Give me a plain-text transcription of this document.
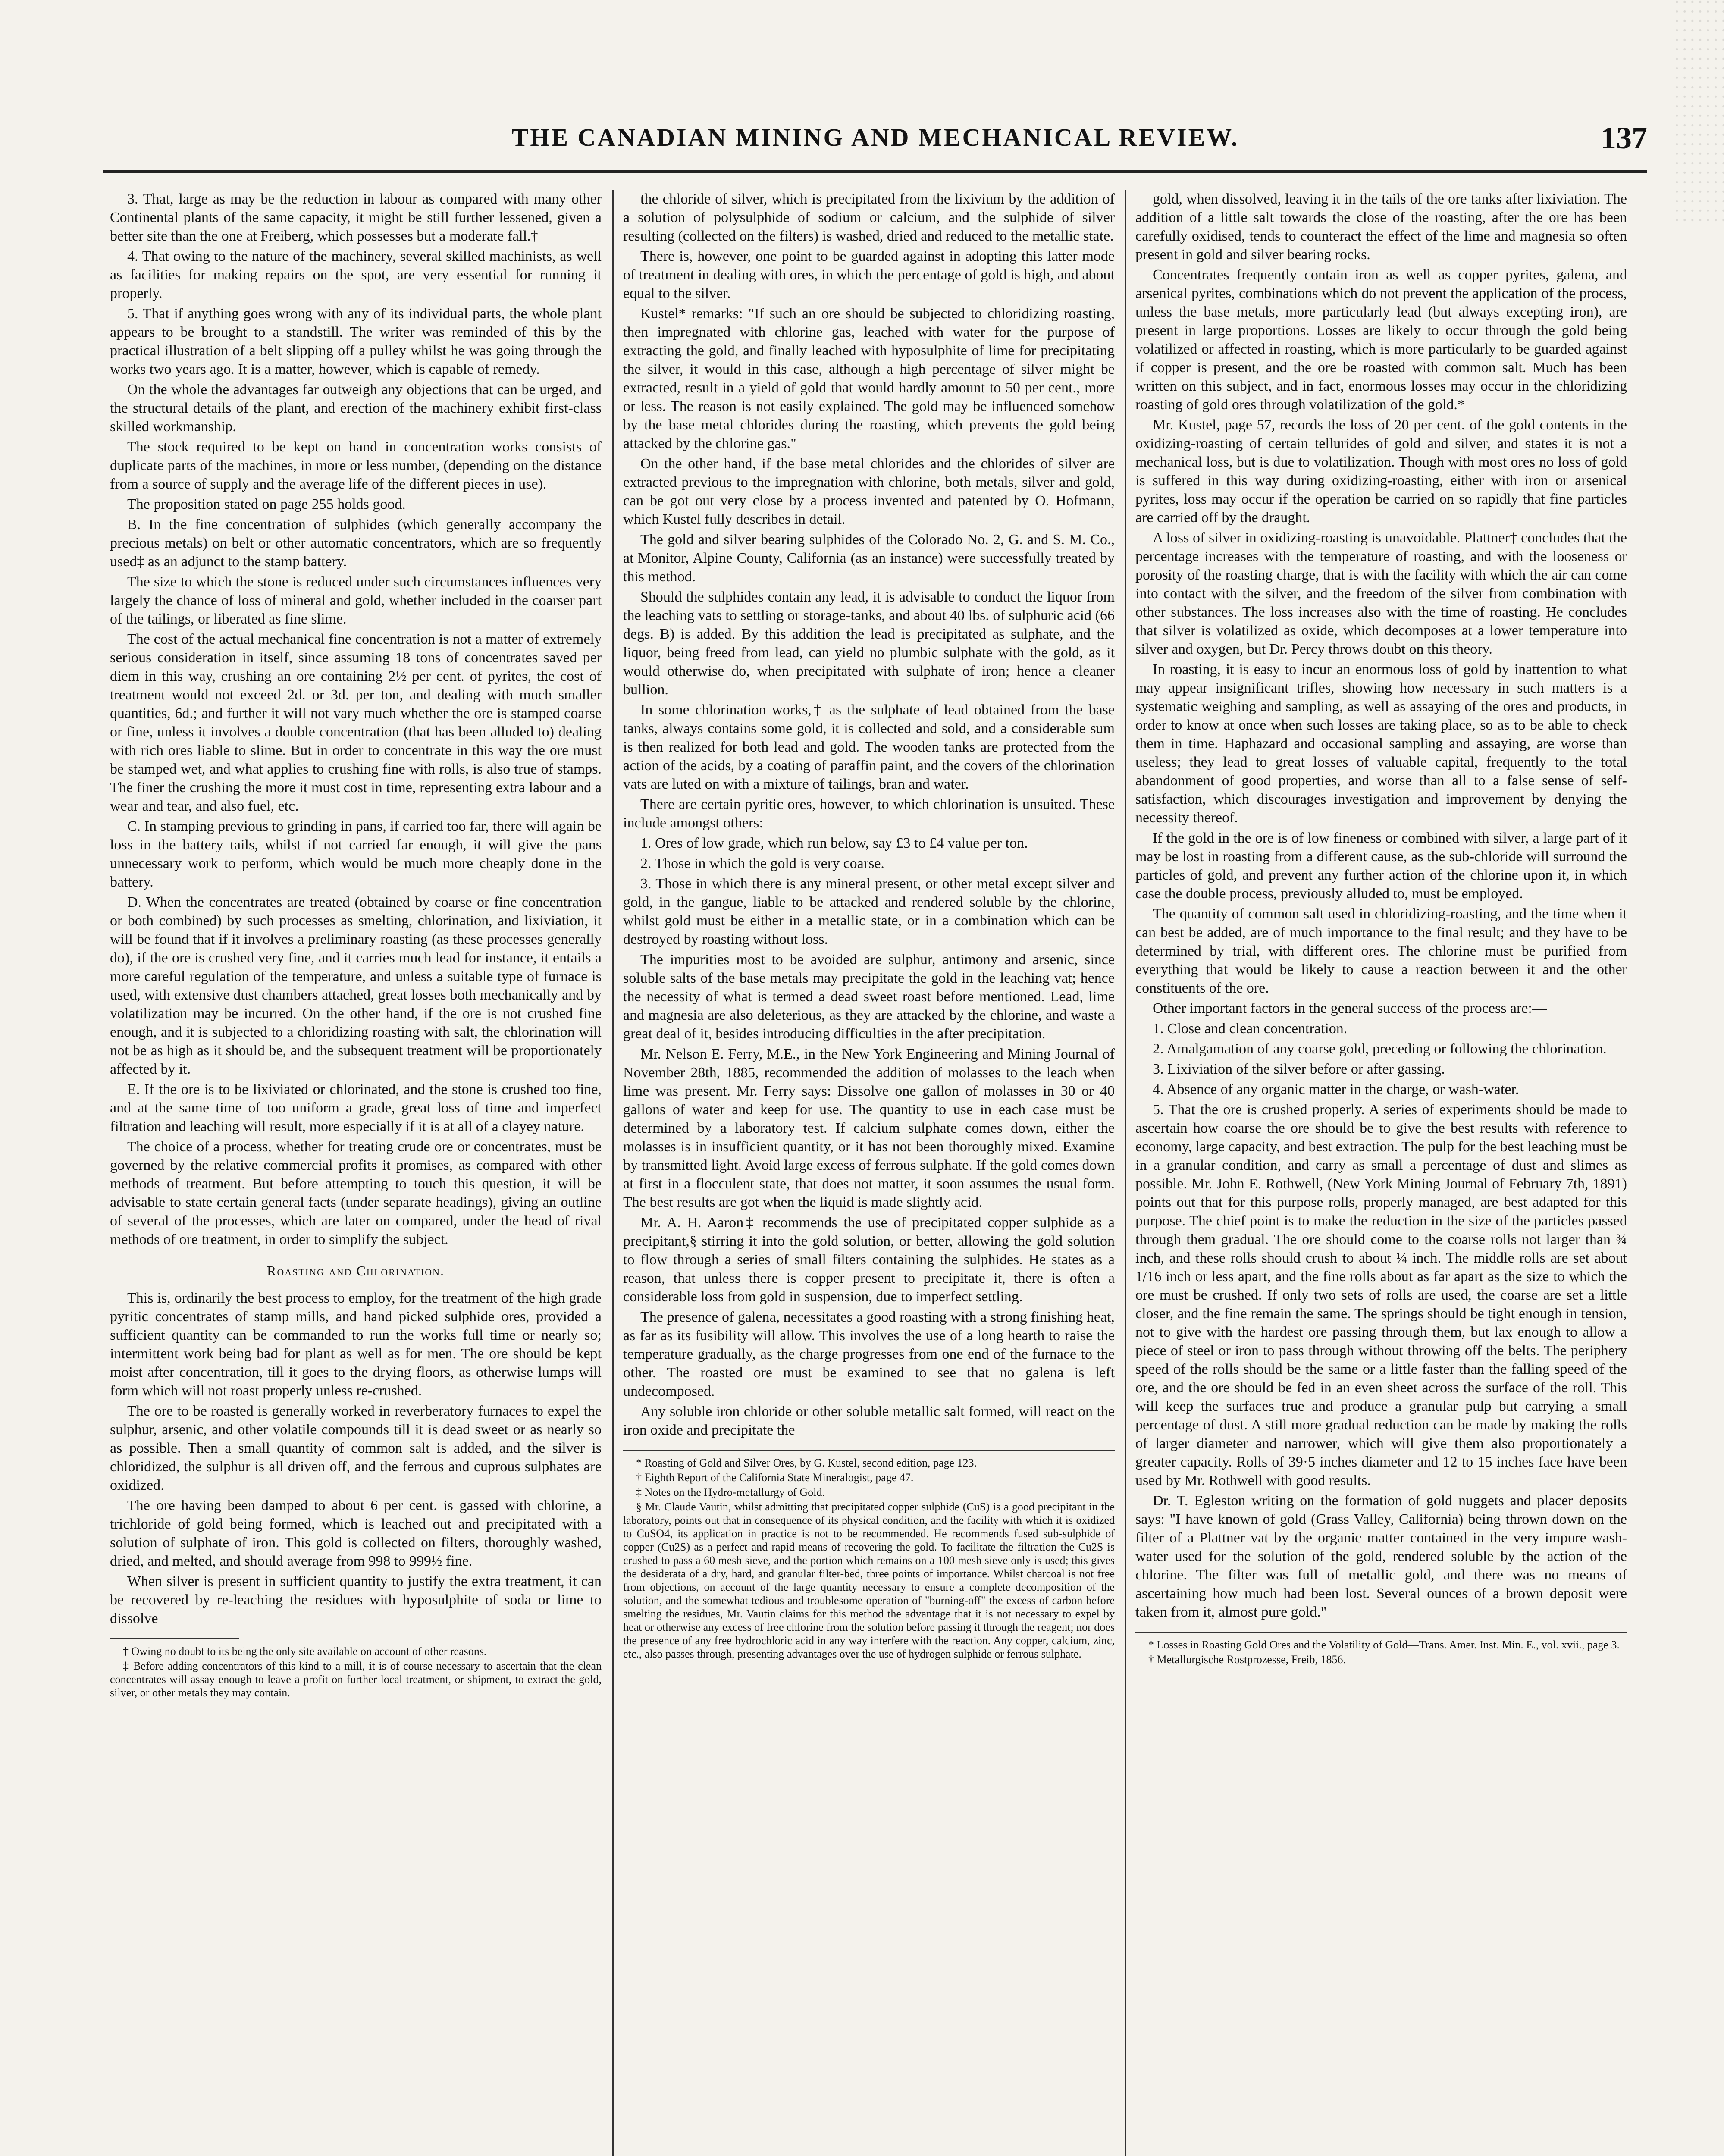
THE CANADIAN MINING AND MECHANICAL REVIEW.	137

3. That, large as may be the reduction in labour as compared with many other Continental plants of the same capacity, it might be still further lessened, given a better site than the one at Freiberg, which possesses but a moderate fall.†

4. That owing to the nature of the machinery, several skilled machinists, as well as facilities for making repairs on the spot, are very essential for running it properly.

5. That if anything goes wrong with any of its individual parts, the whole plant appears to be brought to a standstill. The writer was reminded of this by the practical illustration of a belt slipping off a pulley whilst he was going through the works two years ago. It is a matter, however, which is capable of remedy.

On the whole the advantages far outweigh any objections that can be urged, and the structural details of the plant, and erection of the machinery exhibit first-class skilled workmanship.

The stock required to be kept on hand in concentration works consists of duplicate parts of the machines, in more or less number, (depending on the distance from a source of supply and the average life of the different pieces in use).

The proposition stated on page 255 holds good.

B. In the fine concentration of sulphides (which generally accompany the precious metals) on belt or other automatic concentrators, which are so frequently used‡ as an adjunct to the stamp battery.

The size to which the stone is reduced under such circumstances influences very largely the chance of loss of mineral and gold, whether included in the coarser part of the tailings, or liberated as fine slime.

The cost of the actual mechanical fine concentration is not a matter of extremely serious consideration in itself, since assuming 18 tons of concentrates saved per diem in this way, crushing an ore containing 2½ per cent. of pyrites, the cost of treatment would not exceed 2d. or 3d. per ton, and dealing with much smaller quantities, 6d.; and further it will not vary much whether the ore is stamped coarse or fine, unless it involves a double concentration (that has been alluded to) dealing with rich ores liable to slime. But in order to concentrate in this way the ore must be stamped wet, and what applies to crushing fine with rolls, is also true of stamps. The finer the crushing the more it must cost in time, representing extra labour and a wear and tear, and also fuel, etc.

C. In stamping previous to grinding in pans, if carried too far, there will again be loss in the battery tails, whilst if not carried far enough, it will give the pans unnecessary work to perform, which would be much more cheaply done in the battery.

D. When the concentrates are treated (obtained by coarse or fine concentration or both combined) by such processes as smelting, chlorination, and lixiviation, it will be found that if it involves a preliminary roasting (as these processes generally do), if the ore is crushed very fine, and it carries much lead for instance, it entails a more careful regulation of the temperature, and unless a suitable type of furnace is used, with extensive dust chambers attached, great losses both mechanically and by volatilization may be incurred. On the other hand, if the ore is not crushed fine enough, and it is subjected to a chloridizing roasting with salt, the chlorination will not be as high as it should be, and the subsequent treatment will be proportionately affected by it.

E. If the ore is to be lixiviated or chlorinated, and the stone is crushed too fine, and at the same time of too uniform a grade, great loss of time and imperfect filtration and leaching will result, more especially if it is at all of a clayey nature.

The choice of a process, whether for treating crude ore or concentrates, must be governed by the relative commercial profits it promises, as compared with other methods of treatment. But before attempting to touch this question, it will be advisable to state certain general facts (under separate headings), giving an outline of several of the processes, which are later on compared, under the head of rival methods of ore treatment, in order to simplify the subject.

Roasting and Chlorination.

This is, ordinarily the best process to employ, for the treatment of the high grade pyritic concentrates of stamp mills, and hand picked sulphide ores, provided a sufficient quantity can be commanded to run the works full time or nearly so; intermittent work being bad for plant as well as for men. The ore should be kept moist after concentration, till it goes to the drying floors, as otherwise lumps will form which will not roast properly unless re-crushed.

The ore to be roasted is generally worked in reverberatory furnaces to expel the sulphur, arsenic, and other volatile compounds till it is dead sweet or as nearly so as possible. Then a small quantity of common salt is added, and the silver is chloridized, the sulphur is all driven off, and the ferrous and cuprous sulphates are oxidized.

The ore having been damped to about 6 per cent. is gassed with chlorine, a trichloride of gold being formed, which is leached out and precipitated with a solution of sulphate of iron. This gold is collected on filters, thoroughly washed, dried, and melted, and should average from 998 to 999½ fine.

When silver is present in sufficient quantity to justify the extra treatment, it can be recovered by re-leaching the residues with hyposulphite of soda or lime to dissolve

† Owing no doubt to its being the only site available on account of other reasons.

‡ Before adding concentrators of this kind to a mill, it is of course necessary to ascertain that the clean concentrates will assay enough to leave a profit on further local treatment, or shipment, to extract the gold, silver, or other metals they may contain.

the chloride of silver, which is precipitated from the lixivium by the addition of a solution of polysulphide of sodium or calcium, and the sulphide of silver resulting (collected on the filters) is washed, dried and reduced to the metallic state.

There is, however, one point to be guarded against in adopting this latter mode of treatment in dealing with ores, in which the percentage of gold is high, and about equal to the silver.

Kustel* remarks: "If such an ore should be subjected to chloridizing roasting, then impregnated with chlorine gas, leached with water for the purpose of extracting the gold, and finally leached with hyposulphite of lime for precipitating the silver, it would in this case, although a high percentage of silver might be extracted, result in a yield of gold that would hardly amount to 50 per cent., more or less. The reason is not easily explained. The gold may be influenced somehow by the base metal chlorides during the roasting, which prevents the gold being attacked by the chlorine gas."

On the other hand, if the base metal chlorides and the chlorides of silver are extracted previous to the impregnation with chlorine, both metals, silver and gold, can be got out very close by a process invented and patented by O. Hofmann, which Kustel fully describes in detail.

The gold and silver bearing sulphides of the Colorado No. 2, G. and S. M. Co., at Monitor, Alpine County, California (as an instance) were successfully treated by this method.

Should the sulphides contain any lead, it is advisable to conduct the liquor from the leaching vats to settling or storage-tanks, and about 40 lbs. of sulphuric acid (66 degs. B) is added. By this addition the lead is precipitated as sulphate, and the liquor, being freed from lead, can yield no plumbic sulphate with the gold, as it would otherwise do, when precipitated with sulphate of iron; hence a cleaner bullion.

In some chlorination works,† as the sulphate of lead obtained from the base tanks, always contains some gold, it is collected and sold, and a considerable sum is then realized for both lead and gold. The wooden tanks are protected from the action of the acids, by a coating of paraffin paint, and the covers of the chlorination vats are luted on with a mixture of tailings, bran and water.

There are certain pyritic ores, however, to which chlorination is unsuited. These include amongst others:

1. Ores of low grade, which run below, say £3 to £4 value per ton.

2. Those in which the gold is very coarse.

3. Those in which there is any mineral present, or other metal except silver and gold, in the gangue, liable to be attacked and rendered soluble by the chlorine, whilst gold must be either in a metallic state, or in a combination which can be destroyed by roasting without loss.

The impurities most to be avoided are sulphur, antimony and arsenic, since soluble salts of the base metals may precipitate the gold in the leaching vat; hence the necessity of what is termed a dead sweet roast before mentioned. Lead, lime and magnesia are also deleterious, as they are attacked by the chlorine, and waste a great deal of it, besides introducing difficulties in the after precipitation.

Mr. Nelson E. Ferry, M.E., in the New York Engineering and Mining Journal of November 28th, 1885, recommended the addition of molasses to the leach when lime was present. Mr. Ferry says: Dissolve one gallon of molasses in 30 or 40 gallons of water and keep for use. The quantity to use in each case must be determined by a laboratory test. If calcium sulphate comes down, either the molasses is in insufficient quantity, or it has not been thoroughly mixed. Examine by transmitted light. Avoid large excess of ferrous sulphate. If the gold comes down at first in a flocculent state, that does not matter, it soon assumes the usual form. The best results are got when the liquid is made slightly acid.

Mr. A. H. Aaron‡ recommends the use of precipitated copper sulphide as a precipitant,§ stirring it into the gold solution, or better, allowing the gold solution to flow through a series of small filters containing the sulphides. He states as a reason, that unless there is copper present to precipitate it, there is often a considerable loss from gold in suspension, due to imperfect settling.

The presence of galena, necessitates a good roasting with a strong finishing heat, as far as its fusibility will allow. This involves the use of a long hearth to raise the temperature gradually, as the charge progresses from one end of the furnace to the other. The roasted ore must be examined to see that no galena is left undecomposed.

Any soluble iron chloride or other soluble metallic salt formed, will react on the iron oxide and precipitate the

* Roasting of Gold and Silver Ores, by G. Kustel, second edition, page 123.

† Eighth Report of the California State Mineralogist, page 47.

‡ Notes on the Hydro-metallurgy of Gold.

§ Mr. Claude Vautin, whilst admitting that precipitated copper sulphide (CuS) is a good precipitant in the laboratory, points out that in consequence of its physical condition, and the facility with which it is oxidized to CuSO4, its application in practice is not to be recommended. He recommends fused sub-sulphide of copper (Cu2S) as a perfect and rapid means of recovering the gold. To facilitate the filtration the Cu2S is crushed to pass a 60 mesh sieve, and the portion which remains on a 100 mesh sieve only is used; this gives the desiderata of a dry, hard, and granular filter-bed, three points of importance. Whilst charcoal is not free from objections, on account of the large quantity necessary to ensure a complete decomposition of the solution, and the somewhat tedious and troublesome operation of "burning-off" the excess of carbon before smelting the residues, Mr. Vautin claims for this method the advantage that it is not necessary to expel by heat or otherwise any excess of free chlorine from the solution before passing it through the reagent; nor does the presence of any free hydrochloric acid in any way interfere with the reaction. Any copper, calcium, zinc, etc., also passes through, presenting advantages over the use of hydrogen sulphide or ferrous sulphate.

gold, when dissolved, leaving it in the tails of the ore tanks after lixiviation. The addition of a little salt towards the close of the roasting, after the ore has been carefully oxidised, tends to counteract the effect of the lime and magnesia so often present in gold and silver bearing rocks.

Concentrates frequently contain iron as well as copper pyrites, galena, and arsenical pyrites, combinations which do not prevent the application of the process, unless the base metals, more particularly lead (but always excepting iron), are present in large proportions. Losses are likely to occur through the gold being volatilized or affected in roasting, which is more particularly to be guarded against if copper is present, and the ore be roasted with common salt. Much has been written on this subject, and in fact, enormous losses may occur in the chloridizing roasting of gold ores through volatilization of the gold.*

Mr. Kustel, page 57, records the loss of 20 per cent. of the gold contents in the oxidizing-roasting of certain tellurides of gold and silver, and states it is not a mechanical loss, but is due to volatilization. Though with most ores no loss of gold is suffered in this way during oxidizing-roasting, either with iron or arsenical pyrites, loss may occur if the operation be carried on so rapidly that fine particles are carried off by the draught.

A loss of silver in oxidizing-roasting is unavoidable. Plattner† concludes that the percentage increases with the temperature of roasting, and with the looseness or porosity of the roasting charge, that is with the facility with which the air can come into contact with the silver, and the freedom of the silver from combination with other substances. The loss increases also with the time of roasting. He concludes that silver is volatilized as oxide, which decomposes at a lower temperature into silver and oxygen, but Dr. Percy throws doubt on this theory.

In roasting, it is easy to incur an enormous loss of gold by inattention to what may appear insignificant trifles, showing how necessary in such matters is a systematic weighing and sampling, as well as assaying of the ores and products, in order to know at once when such losses are taking place, so as to be able to check them in time. Haphazard and occasional sampling and assaying, are worse than useless; they lead to great losses of valuable capital, frequently to the total abandonment of good properties, and worse than all to a false sense of self-satisfaction, which discourages investigation and improvement by denying the necessity thereof.

If the gold in the ore is of low fineness or combined with silver, a large part of it may be lost in roasting from a different cause, as the sub-chloride will surround the particles of gold, and prevent any further action of the chlorine upon it, in which case the double process, previously alluded to, must be employed.

The quantity of common salt used in chloridizing-roasting, and the time when it can best be added, are of much importance to the final result; and they have to be determined by trial, with different ores. The chlorine must be purified from everything that would be likely to cause a reaction between it and the other constituents of the ore.

Other important factors in the general success of the process are:—

1. Close and clean concentration.

2. Amalgamation of any coarse gold, preceding or following the chlorination.

3. Lixiviation of the silver before or after gassing.

4. Absence of any organic matter in the charge, or wash-water.

5. That the ore is crushed properly. A series of experiments should be made to ascertain how coarse the ore should be to give the best results with reference to economy, large capacity, and best extraction. The pulp for the best leaching must be in a granular condition, and carry as small a percentage of dust and slimes as possible. Mr. John E. Rothwell, (New York Mining Journal of February 7th, 1891) points out that for this purpose rolls, properly managed, are best adapted for this purpose. The chief point is to make the reduction in the size of the particles passed through them gradual. The ore should come to the coarse rolls not larger than ¾ inch, and these rolls should crush to about ¼ inch. The middle rolls are set about 1/16 inch or less apart, and the fine rolls about as far apart as the size to which the ore must be crushed. If only two sets of rolls are used, the coarse are set a little closer, and the fine remain the same. The springs should be tight enough in tension, not to give with the hardest ore passing through them, but lax enough to allow a piece of steel or iron to pass through without throwing off the belts. The periphery speed of the rolls should be the same or a little faster than the falling speed of the ore, and the ore should be fed in an even sheet across the surface of the roll. This will keep the surfaces true and produce a granular pulp but carrying a small percentage of dust. A still more gradual reduction can be made by making the rolls of larger diameter and narrower, which will give them also proportionately a greater capacity. Rolls of 39·5 inches diameter and 12 to 15 inches face have been used by Mr. Rothwell with good results.

Dr. T. Egleston writing on the formation of gold nuggets and placer deposits says: "I have known of gold (Grass Valley, California) being thrown down on the filter of a Plattner vat by the organic matter contained in the very impure wash-water used for the solution of the gold, rendered soluble by the action of the chlorine. The filter was full of metallic gold, and there was no means of ascertaining how much had been lost. Several ounces of a brown deposit were taken from it, almost pure gold."

* Losses in Roasting Gold Ores and the Volatility of Gold—Trans. Amer. Inst. Min. E., vol. xvii., page 3.

† Metallurgische Rostprozesse, Freib, 1856.
